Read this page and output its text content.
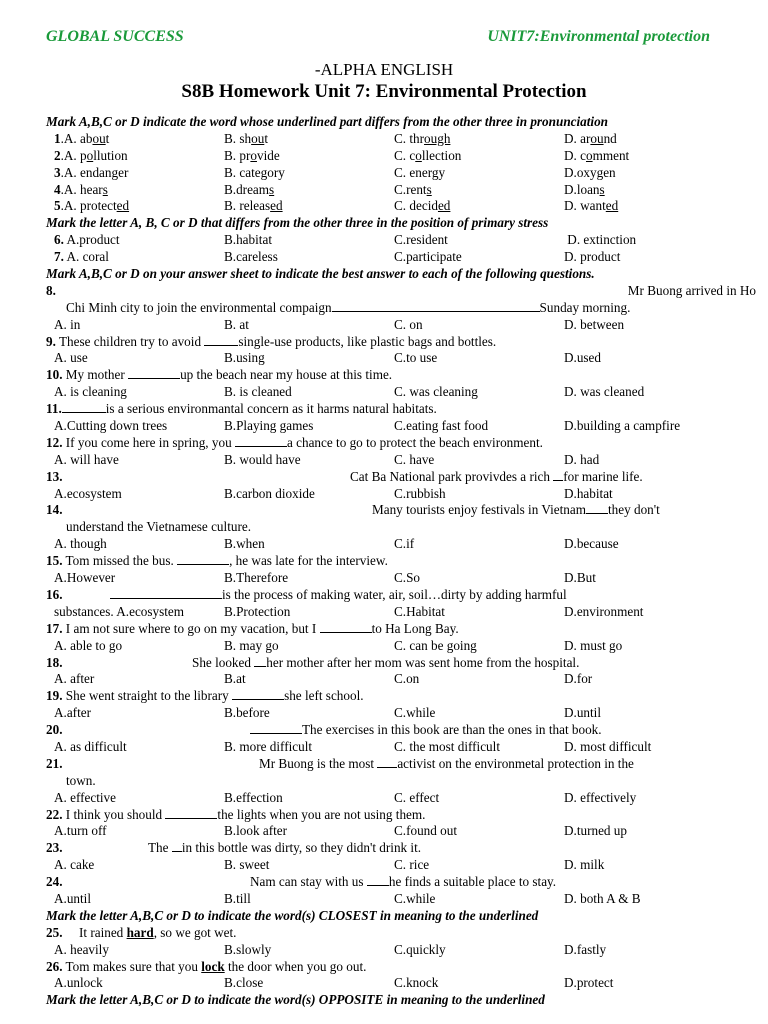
GLOBAL SUCCESS	UNIT7:Environmental protection
-ALPHA ENGLISH
S8B Homework Unit 7: Environmental Protection
Mark A,B,C or D indicate the word whose underlined part differs from the other three in pronunciation
1.A. about	B. shout	C. through	D. around
2.A. pollution	B. provide	C. collection	D. comment
3.A. endanger	B. category	C. energy	D.oxygen
4.A. hears	B.dreams	C.rents	D.loans
5.A. protected	B. released	C. decided	D. wanted
Mark the letter A, B, C or D that differs from the other three in the position of primary stress
6. A.product	B.habitat	C.resident	D. extinction
7. A. coral	B.careless	C.participate	D. product
Mark A,B,C or D on your answer sheet to indicate the best answer to each of the following questions.
8.	Mr Buong arrived in Ho
Chi Minh city to join the environmental compaign	Sunday morning.
A. in	B. at	C. on	D. between
9. These children try to avoid	single-use products, like plastic bags and bottles.
A. use	B.using	C.to use	D.used
10. My mother	up the beach near my house at this time.
A. is cleaning	B. is cleaned	C. was cleaning	D. was cleaned
11.	is a serious environmantal concern as it harms natural habitats.
A.Cutting down trees	B.Playing games	C.eating fast food	D.building a campfire
12. If you come here in spring, you	a chance to go to protect the beach environment.
A. will have	B. would have	C. have	D. had
13.	Cat Ba National park provivdes a rich for marine life.
A.ecosystem	B.carbon dioxide	C.rubbish	D.habitat
14.	Many tourists enjoy festivals in Vietnam they don't
understand the Vietnamese culture.
A. though	B.when	C.if	D.because
15. Tom missed the bus.	, he was late for the interview.
A.However	B.Therefore	C.So	D.But
16.	is the process of making water, air, soil…dirty by adding harmful
substances. A.ecosystem	B.Protection	C.Habitat	D.environment
17. I am not sure where to go on my vacation, but I	to Ha Long Bay.
A. able to go	B. may go	C. can be going	D. must go
18.	She looked her mother after her mom was sent home from the hospital.
A. after	B.at	C.on	D.for
19. She went straight to the library	she left school.
A.after	B.before	C.while	D.until
20.	The exercises in this book are than the ones in that book.
A. as difficult	B. more difficult	C. the most difficult	D. most difficult
21.	Mr Buong is the most activist on the environmetal protection in the
town.
A. effective	B.effection	C. effect	D. effectively
22. I think you should	the lights when you are not using them.
A.turn off	B.look after	C.found out	D.turned up
23.	The in this bottle was dirty, so they didn't drink it.
A. cake	B. sweet	C. rice	D. milk
24.	Nam can stay with us he finds a suitable place to stay.
A.until	B.till	C.while	D. both A & B
Mark the letter A,B,C or D to indicate the word(s) CLOSEST in meaning to the underlined
25.     It rained hard, so we got wet.
A. heavily	B.slowly	C.quickly	D.fastly
26. Tom makes sure that you lock the door when you go out.
A.unlock	B.close	C.knock	D.protect
Mark the letter A,B,C or D to indicate the word(s) OPPOSITE in meaning to the underlined
